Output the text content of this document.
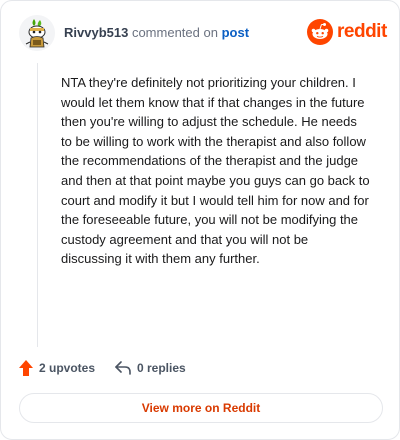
Rivvyb513 commented on post	reddit
NTA they're definitely not prioritizing your children. I would let them know that if that changes in the future then you're willing to adjust the schedule. He needs to be willing to work with the therapist and also follow the recommendations of the therapist and the judge and then at that point maybe you guys can go back to court and modify it but I would tell him for now and for the foreseeable future, you will not be modifying the custody agreement and that you will not be discussing it with them any further.
2 upvotes	0 replies
View more on Reddit
